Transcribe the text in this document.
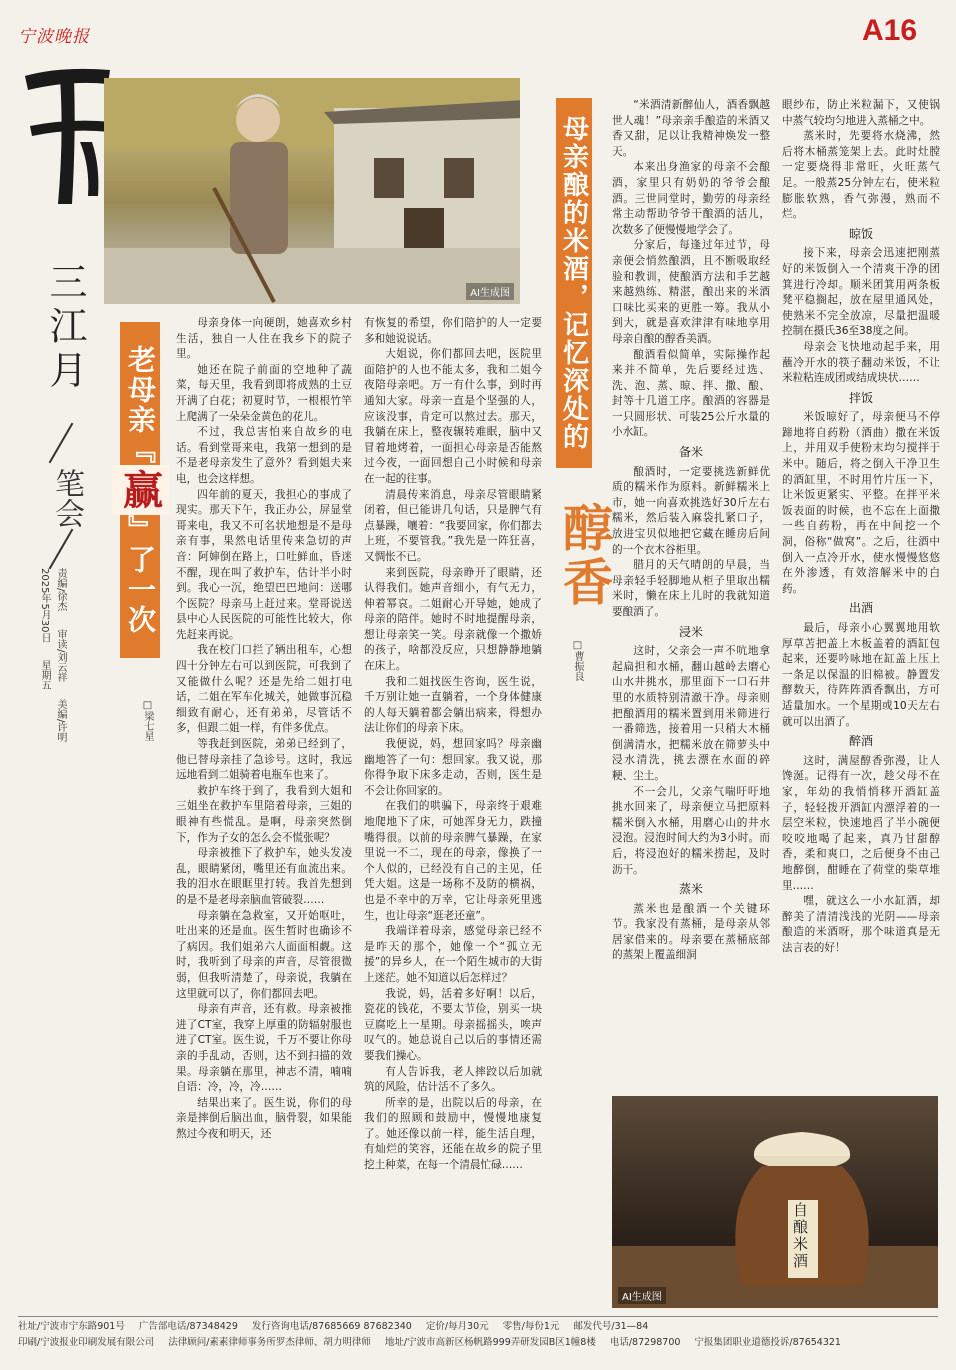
宁波晚报	A16
三江月
笔会
责编/徐杰 审读/刘云祥 美编/许明
2025年5月30日 星期五
AI生成图
老母亲『
赢
』了一次
□梁七星

母亲身体一向硬朗，她喜欢乡村生活，独自一人住在我乡下的院子里。

她还在院子前面的空地种了蔬菜，每天里，我看到即将成熟的土豆开满了白花；初夏时节，一根根竹竿上爬满了一朵朵金黄色的花儿。

不过，我总害怕来自故乡的电话。看到堂哥来电，我第一想到的是不是老母亲发生了意外？看到姐夫来电，也会这样想。

四年前的夏天，我担心的事成了现实。那天下午，我正办公，屏显堂哥来电，我又不可名状地想是不是母亲有事，果然电话里传来急切的声音：阿婶倒在路上，口吐鲜血，昏迷不醒，现在叫了救护车，估计半小时到。我心一沉，绝望巴巴地问：送哪个医院？母亲马上赶过来。堂哥说送县中心人民医院的可能性比较大，你先赶来再说。

我在校门口拦了辆出租车，心想四十分钟左右可以到医院，可我到了又能做什么呢？还是先给二姐打电话，二姐在军车化城关，她做事沉稳细致有耐心，还有弟弟，尽管话不多，但跟二姐一样，有伴多优点。

等我赶到医院，弟弟已经到了，他已替母亲挂了急诊号。这时，我远远地看到二姐骑着电瓶车也来了。

救护车终于到了，我看到大姐和三姐坐在救护车里陪着母亲，三姐的眼神有些慌乱。是啊，母亲突然倒下，作为子女的怎么会不慌张呢？

母亲被推下了救护车，她头发凌乱，眼睛紧闭，嘴里还有血流出来。我的泪水在眼眶里打转。我首先想到的是不是老母亲脑血管破裂……

母亲躺在急救室，又开始呕吐，吐出来的还是血。医生暂时也确诊不了病因。我们姐弟六人面面相觑。这时，我听到了母亲的声音，尽管很微弱，但我听清楚了，母亲说，我躺在这里就可以了，你们都回去吧。

母亲有声音，还有救。母亲被推进了CT室，我穿上厚重的防辐射服也进了CT室。医生说，千万不要让你母亲的手乱动，否则，达不到扫描的效果。母亲躺在那里，神志不清，喃喃自语：冷，冷，冷……

结果出来了。医生说，你们的母亲是摔倒后脑出血，脑骨裂，如果能熬过今夜和明天，还

有恢复的希望，你们陪护的人一定要多和她说说话。

大姐说，你们都回去吧，医院里面陪护的人也不能太多，我和二姐今夜陪母亲吧。万一有什么事，到时再通知大家。母亲一直是个坚强的人，应该没事，肯定可以熬过去。那天，我躺在床上，整夜辗转难眠，脑中又冒着地烤着，一面担心母亲是否能熬过今夜，一面回想自己小时候和母亲在一起的往事。

清晨传来消息，母亲尽管眼睛紧闭着，但已能讲几句话，只是脾气有点暴躁，嚷着：“我要回家，你们都去上班，不要管我。”我先是一阵狂喜，又惆怅不已。

来到医院，母亲睁开了眼睛，还认得我们。她声音细小，有气无力，伸着幂哀。二姐耐心开导她，她成了母亲的陪伴。她时不时地提醒母亲，想让母亲笑一笑。母亲就像一个撒娇的孩子，啥都没反应，只想静静地躺在床上。

我和二姐找医生咨询，医生说，千万别让她一直躺着，一个身体健康的人每天躺着都会躺出病来，得想办法让你们的母亲下床。

我便说，妈，想回家吗？母亲幽幽地答了一句：想回家。我又说，那你得争取下床多走动，否则，医生是不会让你回家的。

在我们的哄骗下，母亲终于艰难地爬地下了床，可她浑身无力，跌撞嘴得很。以前的母亲脾气暴躁，在家里说一不二，现在的母亲，像换了一个人似的，已经没有自己的主见，任凭大姐。这是一场称不及防的横祸，也是不幸中的万幸，它让母亲死里逃生，也让母亲“逛老还童”。

我端详着母亲，感觉母亲已经不是昨天的那个，她像一个“孤立无援”的异乡人，在一个陌生城市的大街上迷茫。她不知道以后怎样过？

我说，妈，活着多好啊！以后，瓷花的钱花，不要太节俭，别买一块豆腐吃上一星期。母亲摇摇头，唉声叹气的。她总说自己以后的事情还需要我们操心。

有人告诉我，老人摔跤以后加就筑的风险，估计活不了多久。

所幸的是，出院以后的母亲，在我们的照顾和鼓励中，慢慢地康复了。她还像以前一样，能生活自理，有灿烂的笑容，还能在故乡的院子里挖土种菜，在每一个清晨忙碌……

母亲酿的米酒，记忆深处的
醇香
□曹振良

“米酒清新醉仙人，酒香飘越世人魂！”母亲亲手酿造的米酒又香又甜，足以让我精神焕发一整天。

本来出身渔家的母亲不会酿酒，家里只有奶奶的爷爷会酿酒。三世同堂时，勤劳的母亲经常主动帮助爷爷干酿酒的活儿，次数多了便慢慢地学会了。

分家后，每逢过年过节，母亲便会悄然酿酒，且不断吸取经验和教训，使酿酒方法和手艺越来越熟练、精湛，酿出来的米酒口味比买来的更胜一筹。我从小到大，就是喜欢津津有味地享用母亲自酿的醇香美酒。

酿酒看似简单，实际操作起来并不简单，先后要经过选、洗、泡、蒸、晾、拌、撒、酿、封等十几道工序。酿酒的容器是一只圆形状、可装25公斤水量的小水缸。

备米

酿酒时，一定要挑选新鲜优质的糯米作为原料。新鲜糯米上市，她一向喜欢挑选好30斤左右糯米，然后装入麻袋扎紧口子，放进宝贝似地把它藏在睡房后间的一个衣木谷柜里。

腊月的天气晴朗的早晨，当母亲轻手轻脚地从柜子里取出糯米时，懒在床上儿时的我就知道要酿酒了。

浸米

这时，父亲会一声不吭地拿起扁担和水桶，翻山越岭去磨心山水井挑水，那里面下一口石井里的水质特别清澈干净。母亲则把酿酒用的糯米置到用米筛进行一番筛选，接着用一只稍大木桶倒满清水，把糯米放在筛萝头中浸水清洗，挑去漂在水面的碎粳、尘土。

不一会儿，父亲气喘吁吁地挑水回来了，母亲便立马把原料糯米倒入水桶，用磨心山的井水浸泡。浸泡时间大约为3小时。而后，将浸泡好的糯米捞起，及时沥干。

蒸米

蒸米也是酿酒一个关键环节。我家没有蒸桶，是母亲从邻居家借来的。母亲要在蒸桶底部的蒸架上覆盖细洞

眼纱布，防止米粒漏下，又使锅中蒸气较均匀地进入蒸桶之中。

蒸米时，先要将水烧沸，然后将木桶蒸笼架上去。此时灶膛一定要烧得非常旺，火旺蒸气足。一般蒸25分钟左右，使米粒膨胀软熟，香气弥漫，熟而不烂。

晾饭

接下来，母亲会迅速把刚蒸好的米饭倒入一个清爽干净的团箕进行冷却。顺米团箕用两条板凳平稳搁起，放在屋里通风处，使熟米不完全放凉，尽量把温暖控制在摄氏36至38度之间。

母亲会飞快地动起手来，用蘸冷开水的筷子翻动米饭，不让米粒粘连成团或结成块状……

拌饭

米饭晾好了，母亲便马不停蹄地将自药粉（酒曲）撒在米饭上，并用双手使粉末均匀搅拌于米中。随后，将之倒入干净卫生的酒缸里，不时用竹片压一下，让米饭更紧实、平整。在拌平米饭表面的时候，也不忘在上面撒一些自药粉，再在中间挖一个洞，俗称“做窝”。之后，往酒中倒入一点冷开水，使水慢慢悠悠在外渗透，有效溶解米中的白药。

出酒

最后，母亲小心翼翼地用软厚草苫把盖上木板盖着的酒缸包起来，还要吟咏地在缸盖上压上一条足以保温的旧棉被。静置发酵数天，待阵阵酒香飘出，方可适量加水。一个星期或10天左右就可以出酒了。

醉酒

这时，满屋醇香弥漫，让人馋涎。记得有一次，趁父母不在家，年幼的我悄悄移开酒缸盖子，轻轻拨开酒缸内漂浮着的一层空米粒，快速地舀了半小碗便咬咬地喝了起来，真乃甘甜醇香，柔和爽口，之后便身不由己地醉倒，酣睡在了荷堂的柴草堆里……

嘿，就这么一小水缸酒，却醉美了清清浅浅的光阴——母亲酿造的米酒呀，那个味道真是无法言表的好！

自酿米酒
AI生成图
社址/宁波市宁东路901号 广告部电话/87348429 发行咨询电话/87685669 87682340 定价/每月30元 零售/每份1元 邮发代号/31—84
印刷/宁波报业印刷发展有限公司 法律顾问/素素律师事务所罗杰律师、胡力明律师 地址/宁波市高新区杨帆路999弄研发园B区1幢8楼 电话/87298700 宁报集团职业道德投诉/87654321
